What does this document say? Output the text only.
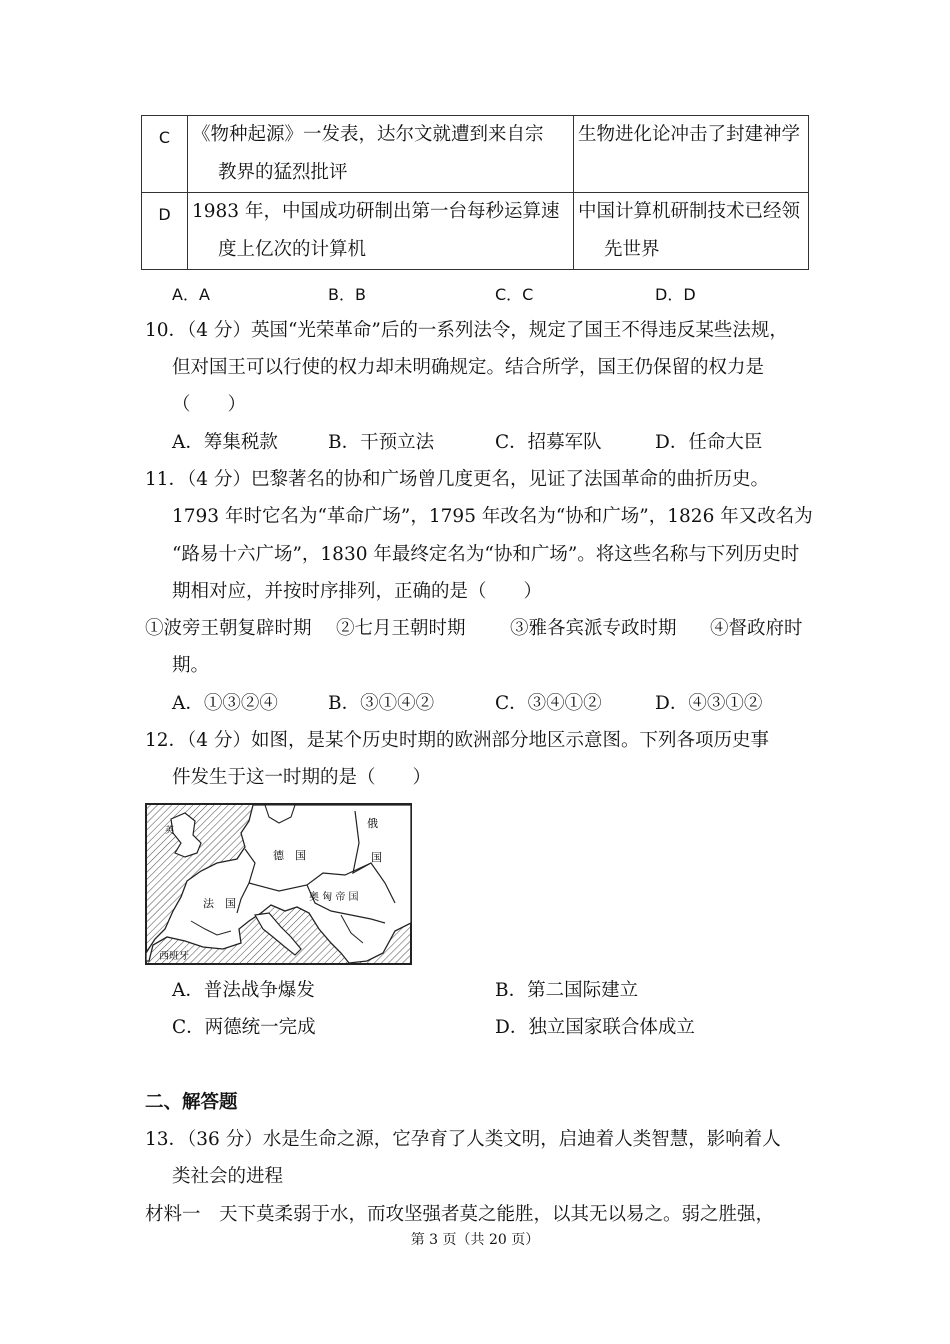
C	《物种起源》一发表，达尔文就遭到来自宗
教界的猛烈批评	生物进化论冲击了封建神学

D	1983 年，中国成功研制出第一台每秒运算速
度上亿次的计算机	中国计算机研制技术已经领
先世界
A．A	B．B	C．C	D．D
10．（4 分）英国“光荣革命”后的一系列法令，规定了国王不得违反某些法规，
但对国王可以行使的权力却未明确规定。结合所学，国王仍保留的权力是
（　　）
A．筹集税款	B．干预立法	C．招募军队	D．任命大臣
11．（4 分）巴黎著名的协和广场曾几度更名，见证了法国革命的曲折历史。
1793 年时它名为“革命广场”，1795 年改名为“协和广场”，1826 年又改名为
“路易十六广场”，1830 年最终定名为“协和广场”。将这些名称与下列历史时
期相对应，并按时序排列，正确的是（　　）
①波旁王朝复辟时期 ②七月王朝时期 ③雅各宾派专政时期 ④督政府时
期。
A．①③②④	B．③①④②	C．③④①②	D．④③①②
12．（4 分）如图，是某个历史时期的欧洲部分地区示意图。下列各项历史事
件发生于这一时期的是（　　）
俄
国
德　国
奥 匈 帝 国
法　国
西班牙
英
A．普法战争爆发	B．第二国际建立
C．两德统一完成	D．独立国家联合体成立
二、解答题
13．（36 分）水是生命之源，它孕育了人类文明，启迪着人类智慧，影响着人
类社会的进程
材料一　天下莫柔弱于水，而攻坚强者莫之能胜，以其无以易之。弱之胜强，
第 3 页（共 20 页）
